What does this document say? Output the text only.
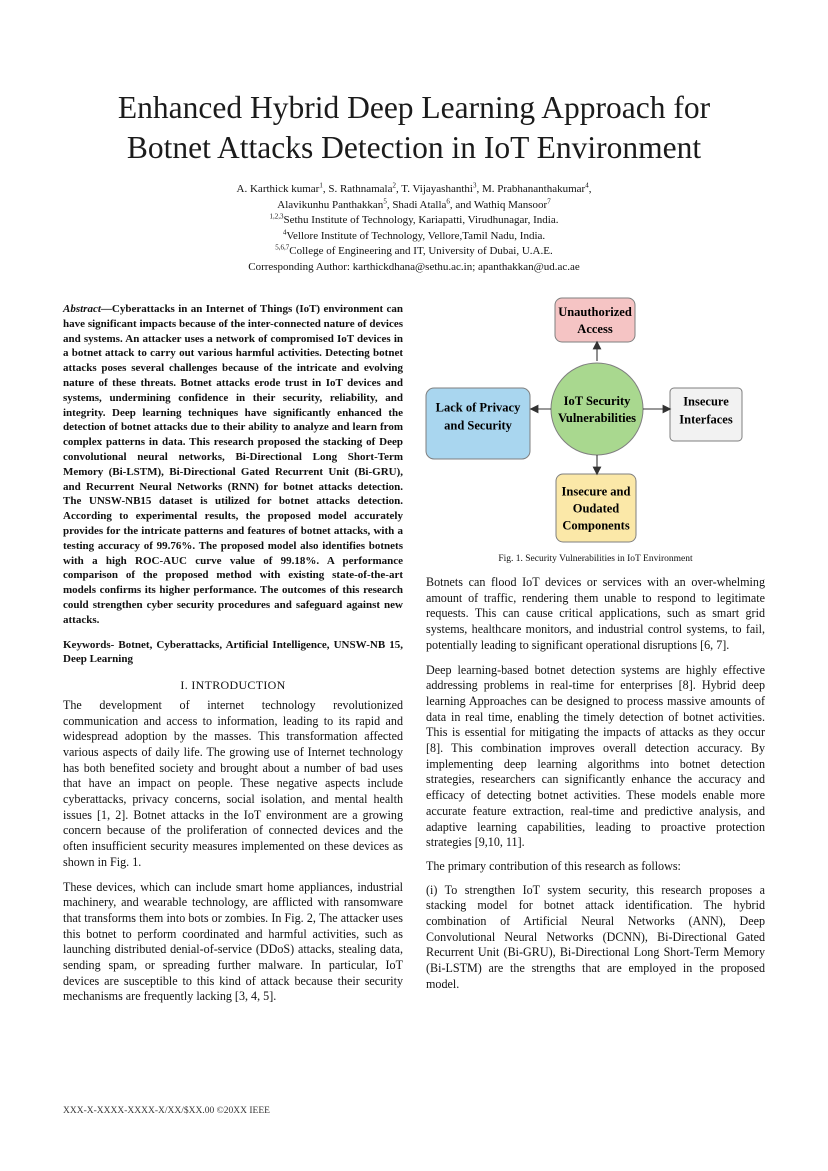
Enhanced Hybrid Deep Learning Approach for
Botnet Attacks Detection in IoT Environment
A. Karthick kumar$^1$, S. Rathnamala$^2$, T. Vijayashanthi$^3$, M. Prabhananthakumar$^4$,
Alavikunhu Panthakkan$^5$, Shadi Atalla$^6$, and Wathiq Mansoor$^7$
$^{1,2,3}$Sethu Institute of Technology, Kariapatti, Virudhunagar, India.
$^4$Vellore Institute of Technology, Vellore,Tamil Nadu, India.
$^{5,6,7}$College of Engineering and IT, University of Dubai, U.A.E.
Corresponding Author: karthickdhana@sethu.ac.in; apanthakkan@ud.ac.ae

Abstract—Cyberattacks in an Internet of Things (IoT) environment can have significant impacts because of the inter-connected nature of devices and systems. An attacker uses a network of compromised IoT devices in a botnet attack to carry out various harmful activities. Detecting botnet attacks poses several challenges because of the intricate and evolving nature of these threats. Botnet attacks erode trust in IoT devices and systems, undermining confidence in their security, reliability, and integrity. Deep learning techniques have significantly enhanced the detection of botnet attacks due to their ability to analyze and learn from complex patterns in data. This research proposed the stacking of Deep convolutional neural networks, Bi-Directional Long Short-Term Memory (Bi-LSTM), Bi-Directional Gated Recurrent Unit (Bi-GRU), and Recurrent Neural Networks (RNN) for botnet attacks detection. The UNSW-NB15 dataset is utilized for botnet attacks detection. According to experimental results, the proposed model accurately provides for the intricate patterns and features of botnet attacks, with a testing accuracy of 99.76%. The proposed model also identifies botnets with a high ROC-AUC curve value of 99.18%. A performance comparison of the proposed method with existing state-of-the-art models confirms its higher performance. The outcomes of this research could strengthen cyber security procedures and safeguard against new attacks.

Keywords- Botnet, Cyberattacks, Artificial Intelligence, UNSW-NB 15, Deep Learning

I. INTRODUCTION

The development of internet technology revolutionized communication and access to information, leading to its rapid and widespread adoption by the masses. This transformation affected various aspects of daily life. The growing use of Internet technology has both benefited society and brought about a number of bad uses that have an impact on people. These negative aspects include cyberattacks, privacy concerns, social isolation, and mental health issues [1, 2]. Botnet attacks in the IoT environment are a growing concern because of the proliferation of connected devices and the often insufficient security measures implemented on these devices as shown in Fig. 1.

These devices, which can include smart home appliances, industrial machinery, and wearable technology, are afflicted with ransomware that transforms them into bots or zombies. In Fig. 2, The attacker uses this botnet to perform coordinated and harmful activities, such as launching distributed denial-of-service (DDoS) attacks, stealing data, sending spam, or spreading further malware. In particular, IoT devices are susceptible to this kind of attack because their security mechanisms are frequently lacking [3, 4, 5].

Unauthorized Access
Lack of Privacy and Security
Insecure Interfaces
Insecure and Oudated Components
IoT Security Vulnerabilities
Fig. 1. Security Vulnerabilities in IoT Environment

Botnets can flood IoT devices or services with an over-whelming amount of traffic, rendering them unable to respond to legitimate requests. This can cause critical applications, such as smart grid systems, healthcare monitors, and industrial control systems, to fail, potentially leading to significant operational disruptions [6, 7].

Deep learning-based botnet detection systems are highly effective addressing problems in real-time for enterprises [8]. Hybrid deep learning Approaches can be designed to process massive amounts of data in real time, enabling the timely detection of botnet activities. This is essential for mitigating the impacts of attacks as they occur [8]. This combination improves overall detection accuracy. By implementing deep learning algorithms into botnet detection strategies, researchers can significantly enhance the accuracy and efficacy of detecting botnet activities. These models enable more accurate feature extraction, real-time and predictive analysis, and adaptive learning capabilities, leading to proactive protection strategies [9,10, 11].

The primary contribution of this research as follows:

(i) To strengthen IoT system security, this research proposes a stacking model for botnet attack identification. The hybrid combination of Artificial Neural Networks (ANN), Deep Convolutional Neural Networks (DCNN), Bi-Directional Gated Recurrent Unit (Bi-GRU), Bi-Directional Long Short-Term Memory (Bi-LSTM) are the strengths that are employed in the proposed model.

XXX-X-XXXX-XXXX-X/XX/$XX.00 ©20XX IEEE
